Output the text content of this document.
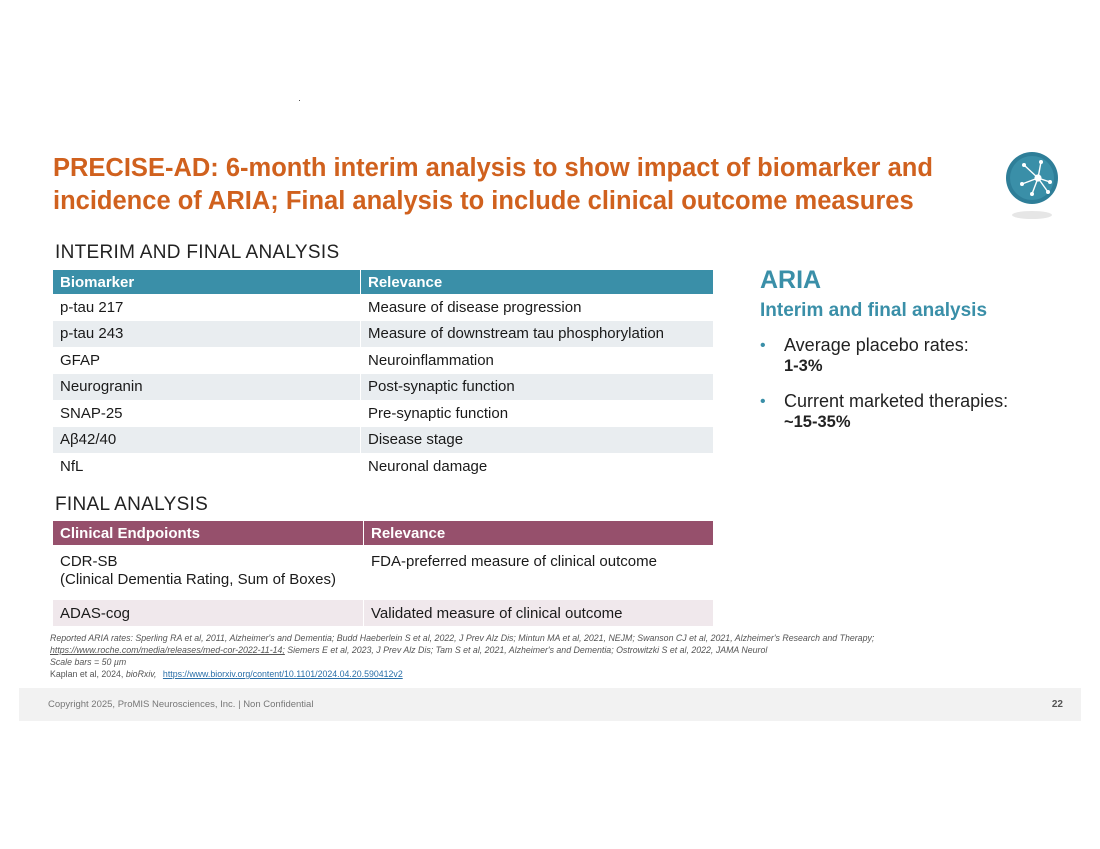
PRECISE-AD: 6-month interim analysis to show impact of biomarker and incidence of ARIA; Final analysis to include clinical outcome measures
INTERIM AND FINAL ANALYSIS
Biomarker	Relevance
p-tau 217	Measure of disease progression
p-tau 243	Measure of downstream tau phosphorylation
GFAP	Neuroinflammation
Neurogranin	Post-synaptic function
SNAP-25	Pre-synaptic function
Aβ42/40	Disease stage
NfL	Neuronal damage
FINAL ANALYSIS
Clinical Endpoionts	Relevance
CDR-SB
(Clinical Dementia Rating, Sum of Boxes)	FDA-preferred measure of clinical outcome
ADAS-cog	Validated measure of clinical outcome
ARIA
Interim and final analysis
• Average placebo rates:
1-3%
• Current marketed therapies:
~15-35%
Reported ARIA rates: Sperling RA et al, 2011, Alzheimer's and Dementia; Budd Haeberlein S et al, 2022, J Prev Alz Dis; Mintun MA et al, 2021, NEJM; Swanson CJ et al, 2021, Alzheimer's Research and Therapy;
https://www.roche.com/media/releases/med-cor-2022-11-14; Siemers E et al, 2023, J Prev Alz Dis; Tam S et al, 2021, Alzheimer's and Dementia; Ostrowitzki S et al, 2022, JAMA Neurol
Scale bars = 50 µm
Kaplan et al, 2024, bioRxiv, https://www.biorxiv.org/content/10.1101/2024.04.20.590412v2
Copyright 2025, ProMIS Neurosciences, Inc. | Non Confidential	22
